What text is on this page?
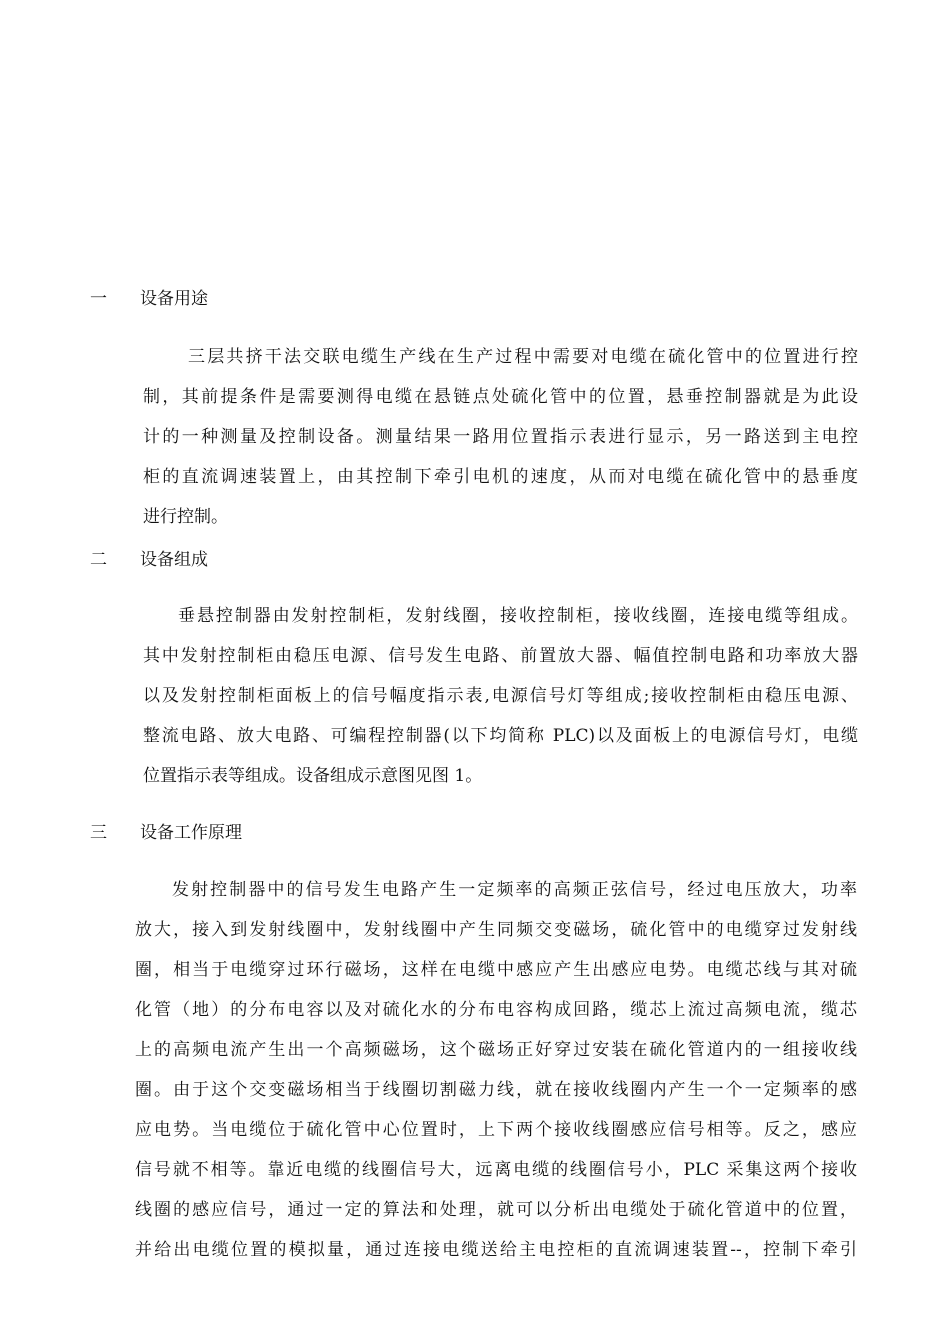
一 设备用途
三层共挤干法交联电缆生产线在生产过程中需要对电缆在硫化管中的位置进行控
制，其前提条件是需要测得电缆在悬链点处硫化管中的位置，悬垂控制器就是为此设
计的一种测量及控制设备。测量结果一路用位置指示表进行显示，另一路送到主电控
柜的直流调速装置上，由其控制下牵引电机的速度，从而对电缆在硫化管中的悬垂度
进行控制。
二 设备组成
垂悬控制器由发射控制柜，发射线圈，接收控制柜，接收线圈，连接电缆等组成。
其中发射控制柜由稳压电源、信号发生电路、前置放大器、幅值控制电路和功率放大器
以及发射控制柜面板上的信号幅度指示表,电源信号灯等组成;接收控制柜由稳压电源、
整流电路、放大电路、可编程控制器(以下均简称 PLC)以及面板上的电源信号灯，电缆
位置指示表等组成。设备组成示意图见图 1。
三 设备工作原理
发射控制器中的信号发生电路产生一定频率的高频正弦信号，经过电压放大，功率
放大，接入到发射线圈中，发射线圈中产生同频交变磁场，硫化管中的电缆穿过发射线
圈，相当于电缆穿过环行磁场，这样在电缆中感应产生出感应电势。电缆芯线与其对硫
化管（地）的分布电容以及对硫化水的分布电容构成回路，缆芯上流过高频电流，缆芯
上的高频电流产生出一个高频磁场，这个磁场正好穿过安装在硫化管道内的一组接收线
圈。由于这个交变磁场相当于线圈切割磁力线，就在接收线圈内产生一个一定频率的感
应电势。当电缆位于硫化管中心位置时，上下两个接收线圈感应信号相等。反之，感应
信号就不相等。靠近电缆的线圈信号大，远离电缆的线圈信号小，PLC 采集这两个接收
线圈的感应信号，通过一定的算法和处理，就可以分析出电缆处于硫化管道中的位置，
并给出电缆位置的模拟量，通过连接电缆送给主电控柜的直流调速装置--，控制下牵引
